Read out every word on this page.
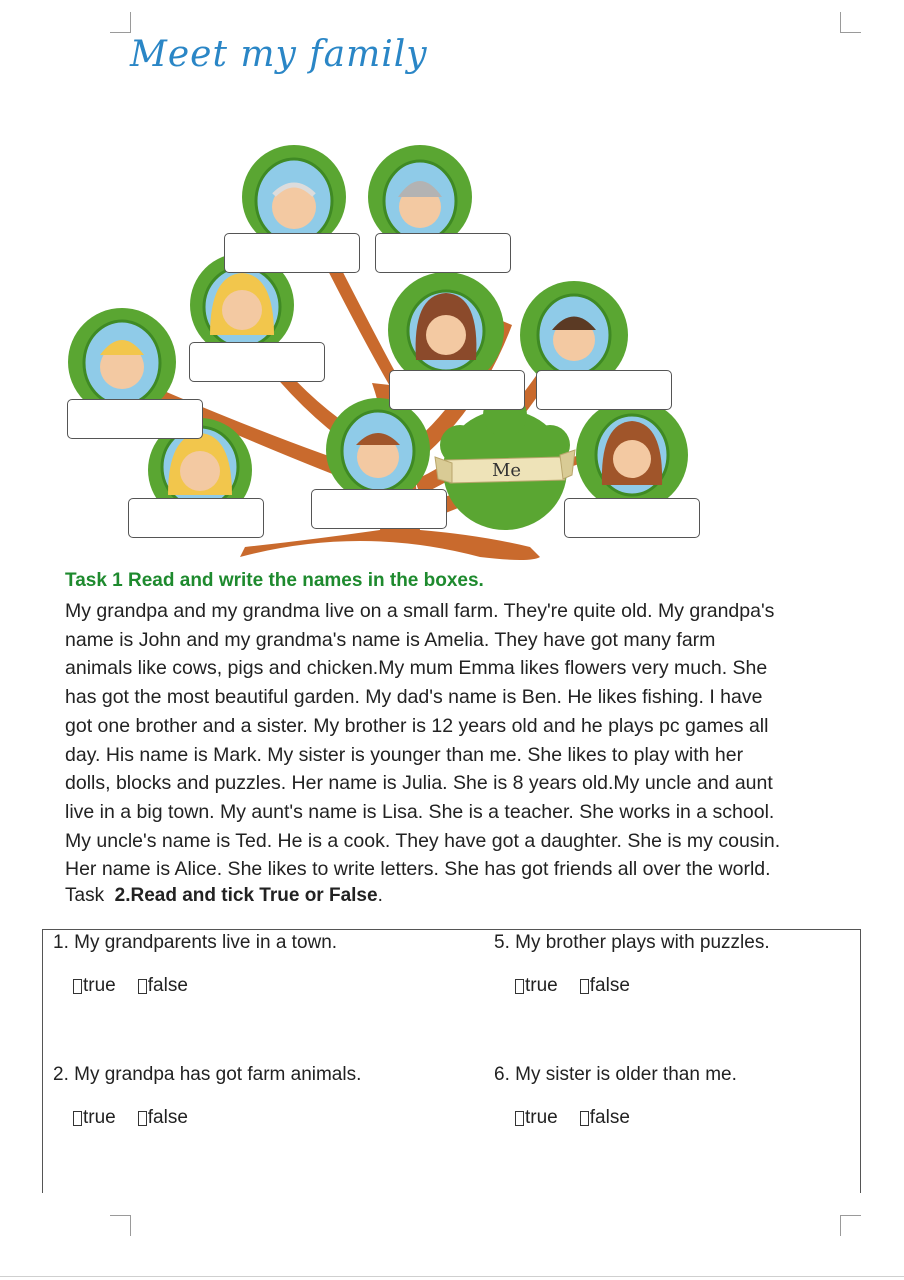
Meet my family
Me
Task 1 Read and write the names in the boxes.
My grandpa and my grandma live on a small farm. They're quite old. My grandpa's
name is John and my grandma's name is Amelia. They have got many farm
animals like cows, pigs and chicken.My mum Emma likes flowers very much. She
has got the most beautiful garden. My dad's name is Ben. He likes fishing. I have
got one brother and a sister. My brother is 12 years old and he plays pc games all
day. His name is Mark. My sister is younger than me. She likes to play with her
dolls, blocks and puzzles. Her name is Julia. She is 8 years old.My uncle and aunt
live in a big town. My aunt's name is Lisa. She is a teacher. She works in a school.
My uncle's name is Ted. He is a cook. They have got a daughter. She is my cousin.
Her name is Alice. She likes to write letters. She has got friends all over the world.
Task  2.Read and tick True or False.
1. My grandparents live in a town.
true false
5. My brother plays with puzzles.
true false
2. My grandpa has got farm animals.
true false
6. My sister is older than me.
true false
